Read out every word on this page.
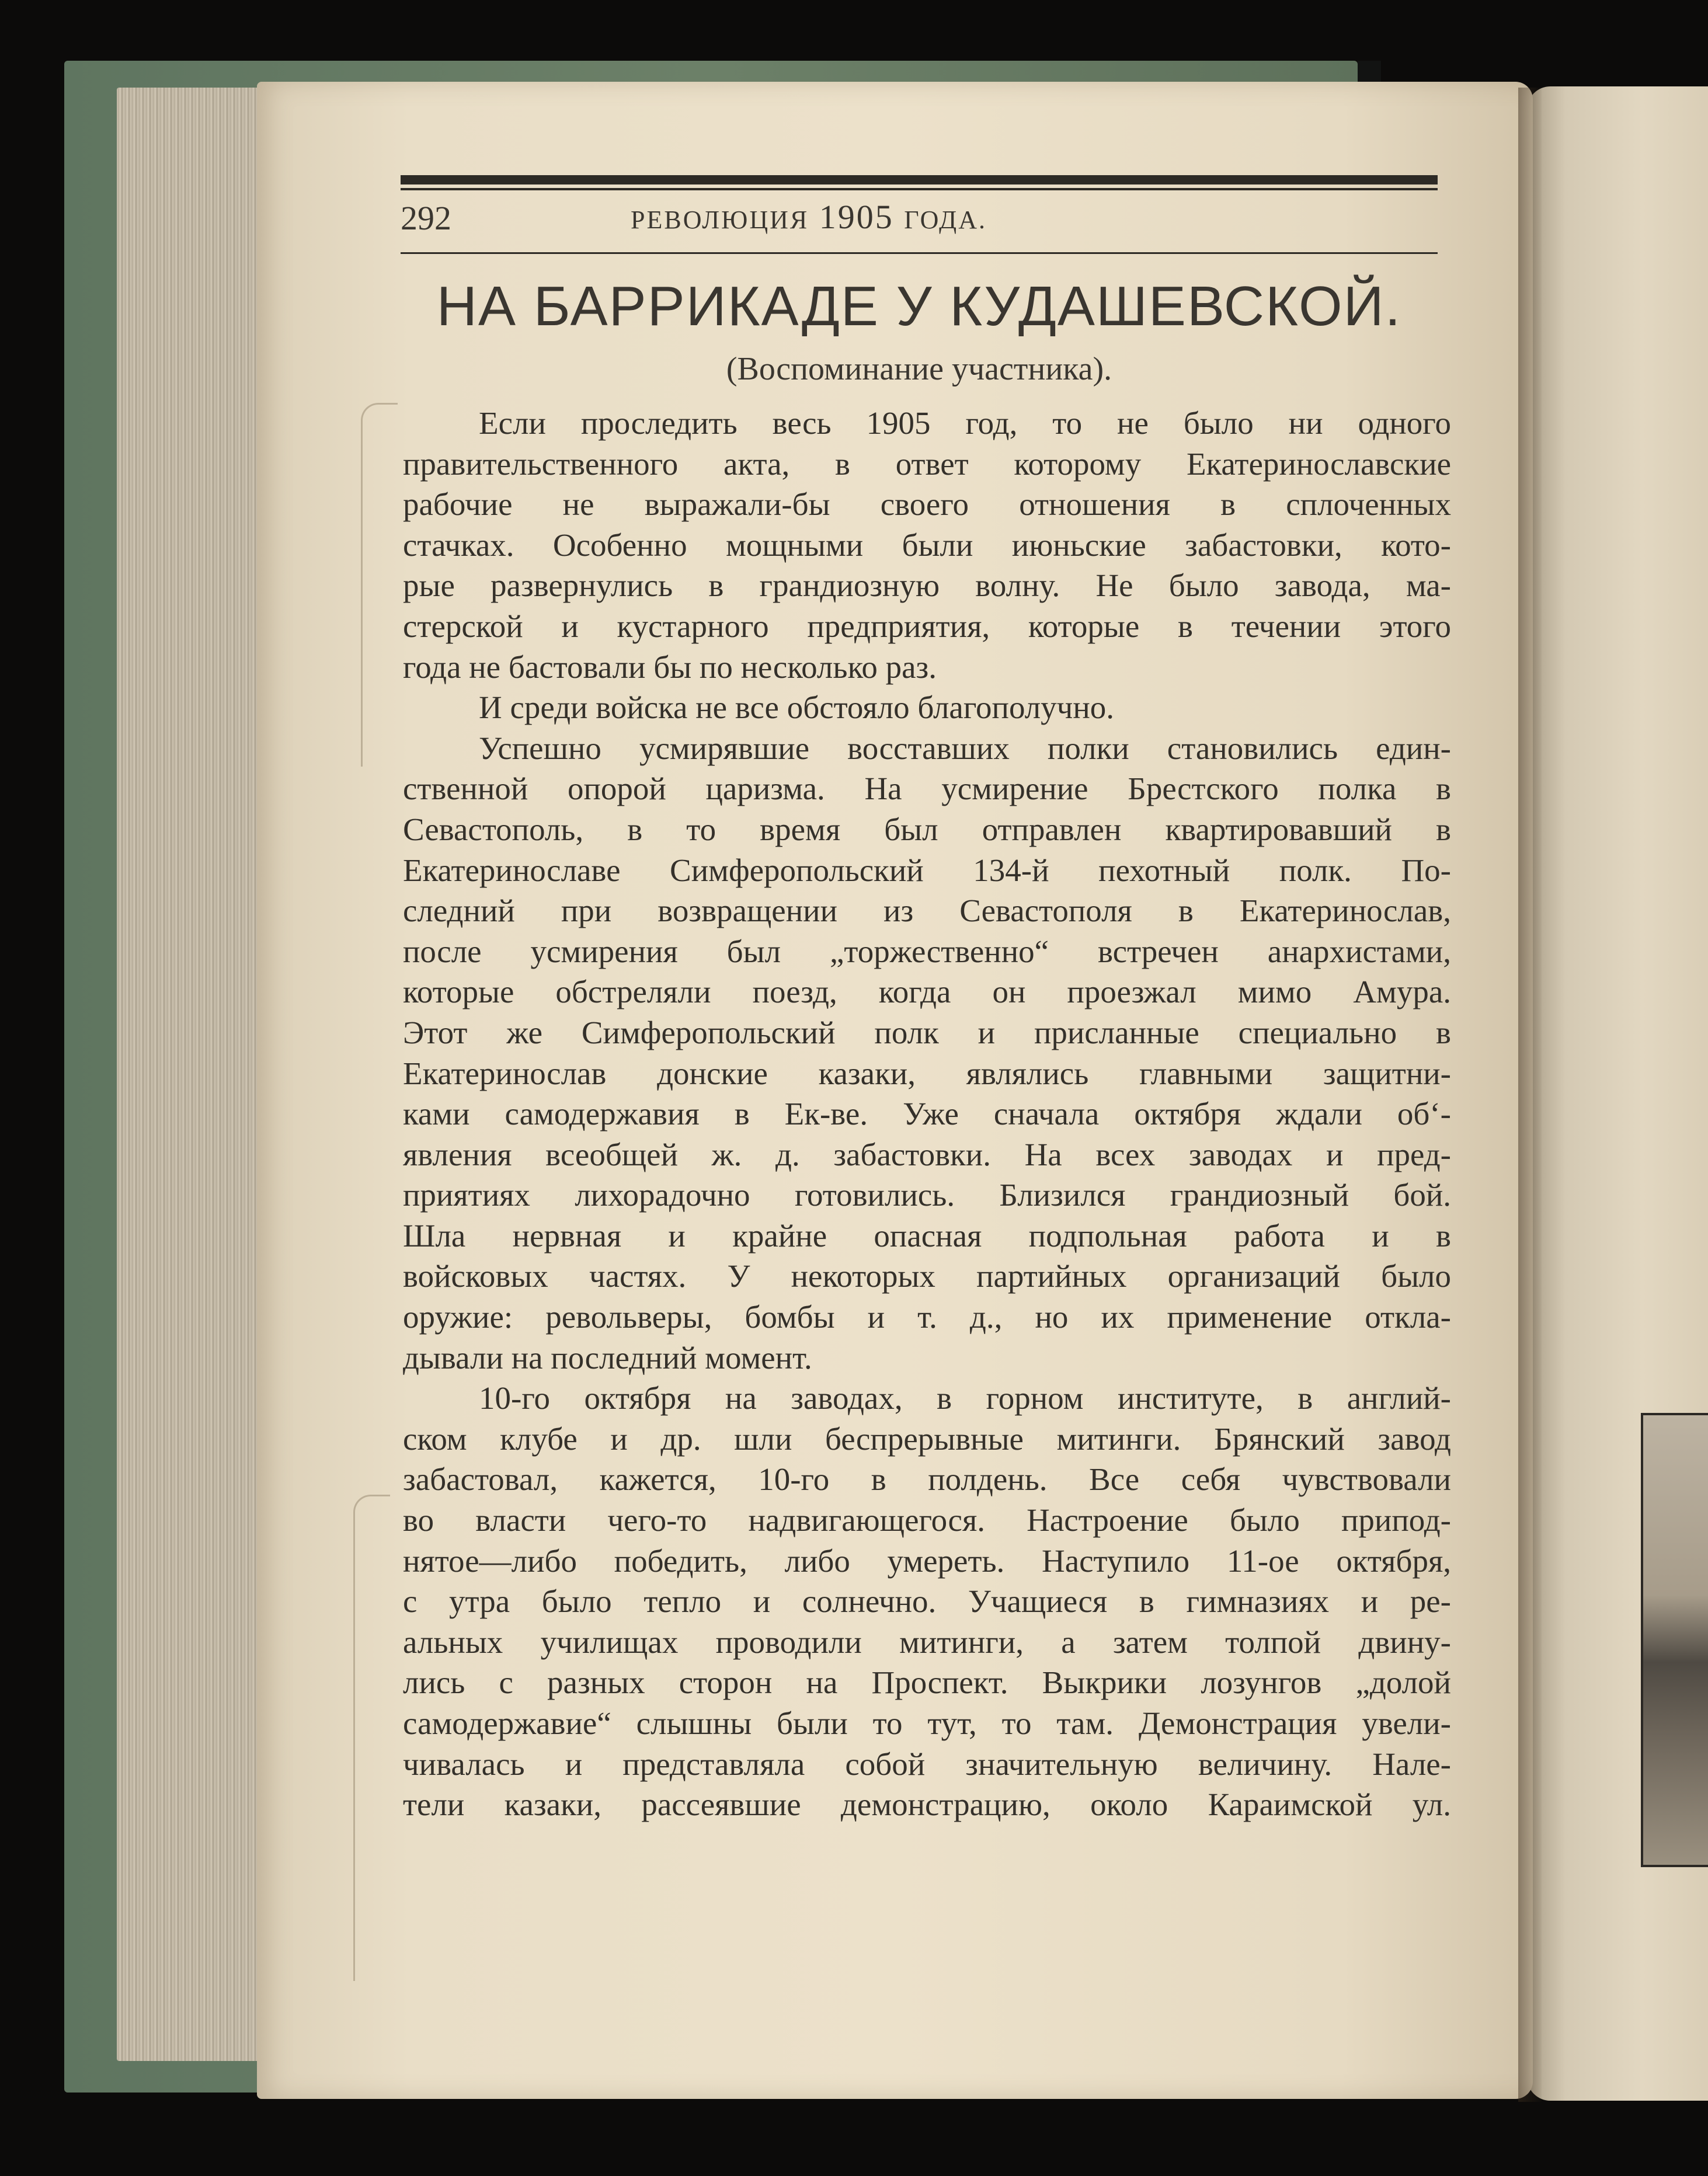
292	РЕВОЛЮЦИЯ 1905 ГОДА.
НА БАРРИКАДЕ У КУДАШЕВСКОЙ.
(Воспоминание участника).
Если проследить весь 1905 год, то не было ни одного
правительственного акта, в ответ которому Екатеринославские
рабочие не выражали-бы своего отношения в сплоченных
стачках. Особенно мощными были июньские забастовки, кото-
рые развернулись в грандиозную волну. Не было завода, ма-
стерской и кустарного предприятия, которые в течении этого
года не бастовали бы по несколько раз.
И среди войска не все обстояло благополучно.
Успешно усмирявшие восставших полки становились един-
ственной опорой царизма. На усмирение Брестского полка в
Севастополь, в то время был отправлен квартировавший в
Екатеринославе Симферопольский 134-й пехотный полк. По-
следний при возвращении из Севастополя в Екатеринослав,
после усмирения был „торжественно“ встречен анархистами,
которые обстреляли поезд, когда он проезжал мимо Амура.
Этот же Симферопольский полк и присланные специально в
Екатеринослав донские казаки, являлись главными защитни-
ками самодержавия в Ек-ве. Уже сначала октября ждали об‘-
явления всеобщей ж. д. забастовки. На всех заводах и пред-
приятиях лихорадочно готовились. Близился грандиозный бой.
Шла нервная и крайне опасная подпольная работа и в
войсковых частях. У некоторых партийных организаций было
оружие: револьверы, бомбы и т. д., но их применение откла-
дывали на последний момент.
10-го октября на заводах, в горном институте, в англий-
ском клубе и др. шли беспрерывные митинги. Брянский завод
забастовал, кажется, 10-го в полдень. Все себя чувствовали
во власти чего-то надвигающегося. Настроение было припод-
нятое—либо победить, либо умереть. Наступило 11-ое октября,
с утра было тепло и солнечно. Учащиеся в гимназиях и ре-
альных училищах проводили митинги, а затем толпой двину-
лись с разных сторон на Проспект. Выкрики лозунгов „долой
самодержавие“ слышны были то тут, то там. Демонстрация увели-
чивалась и представляла собой значительную величину. Нале-
тели казаки, рассеявшие демонстрацию, около Караимской ул.
